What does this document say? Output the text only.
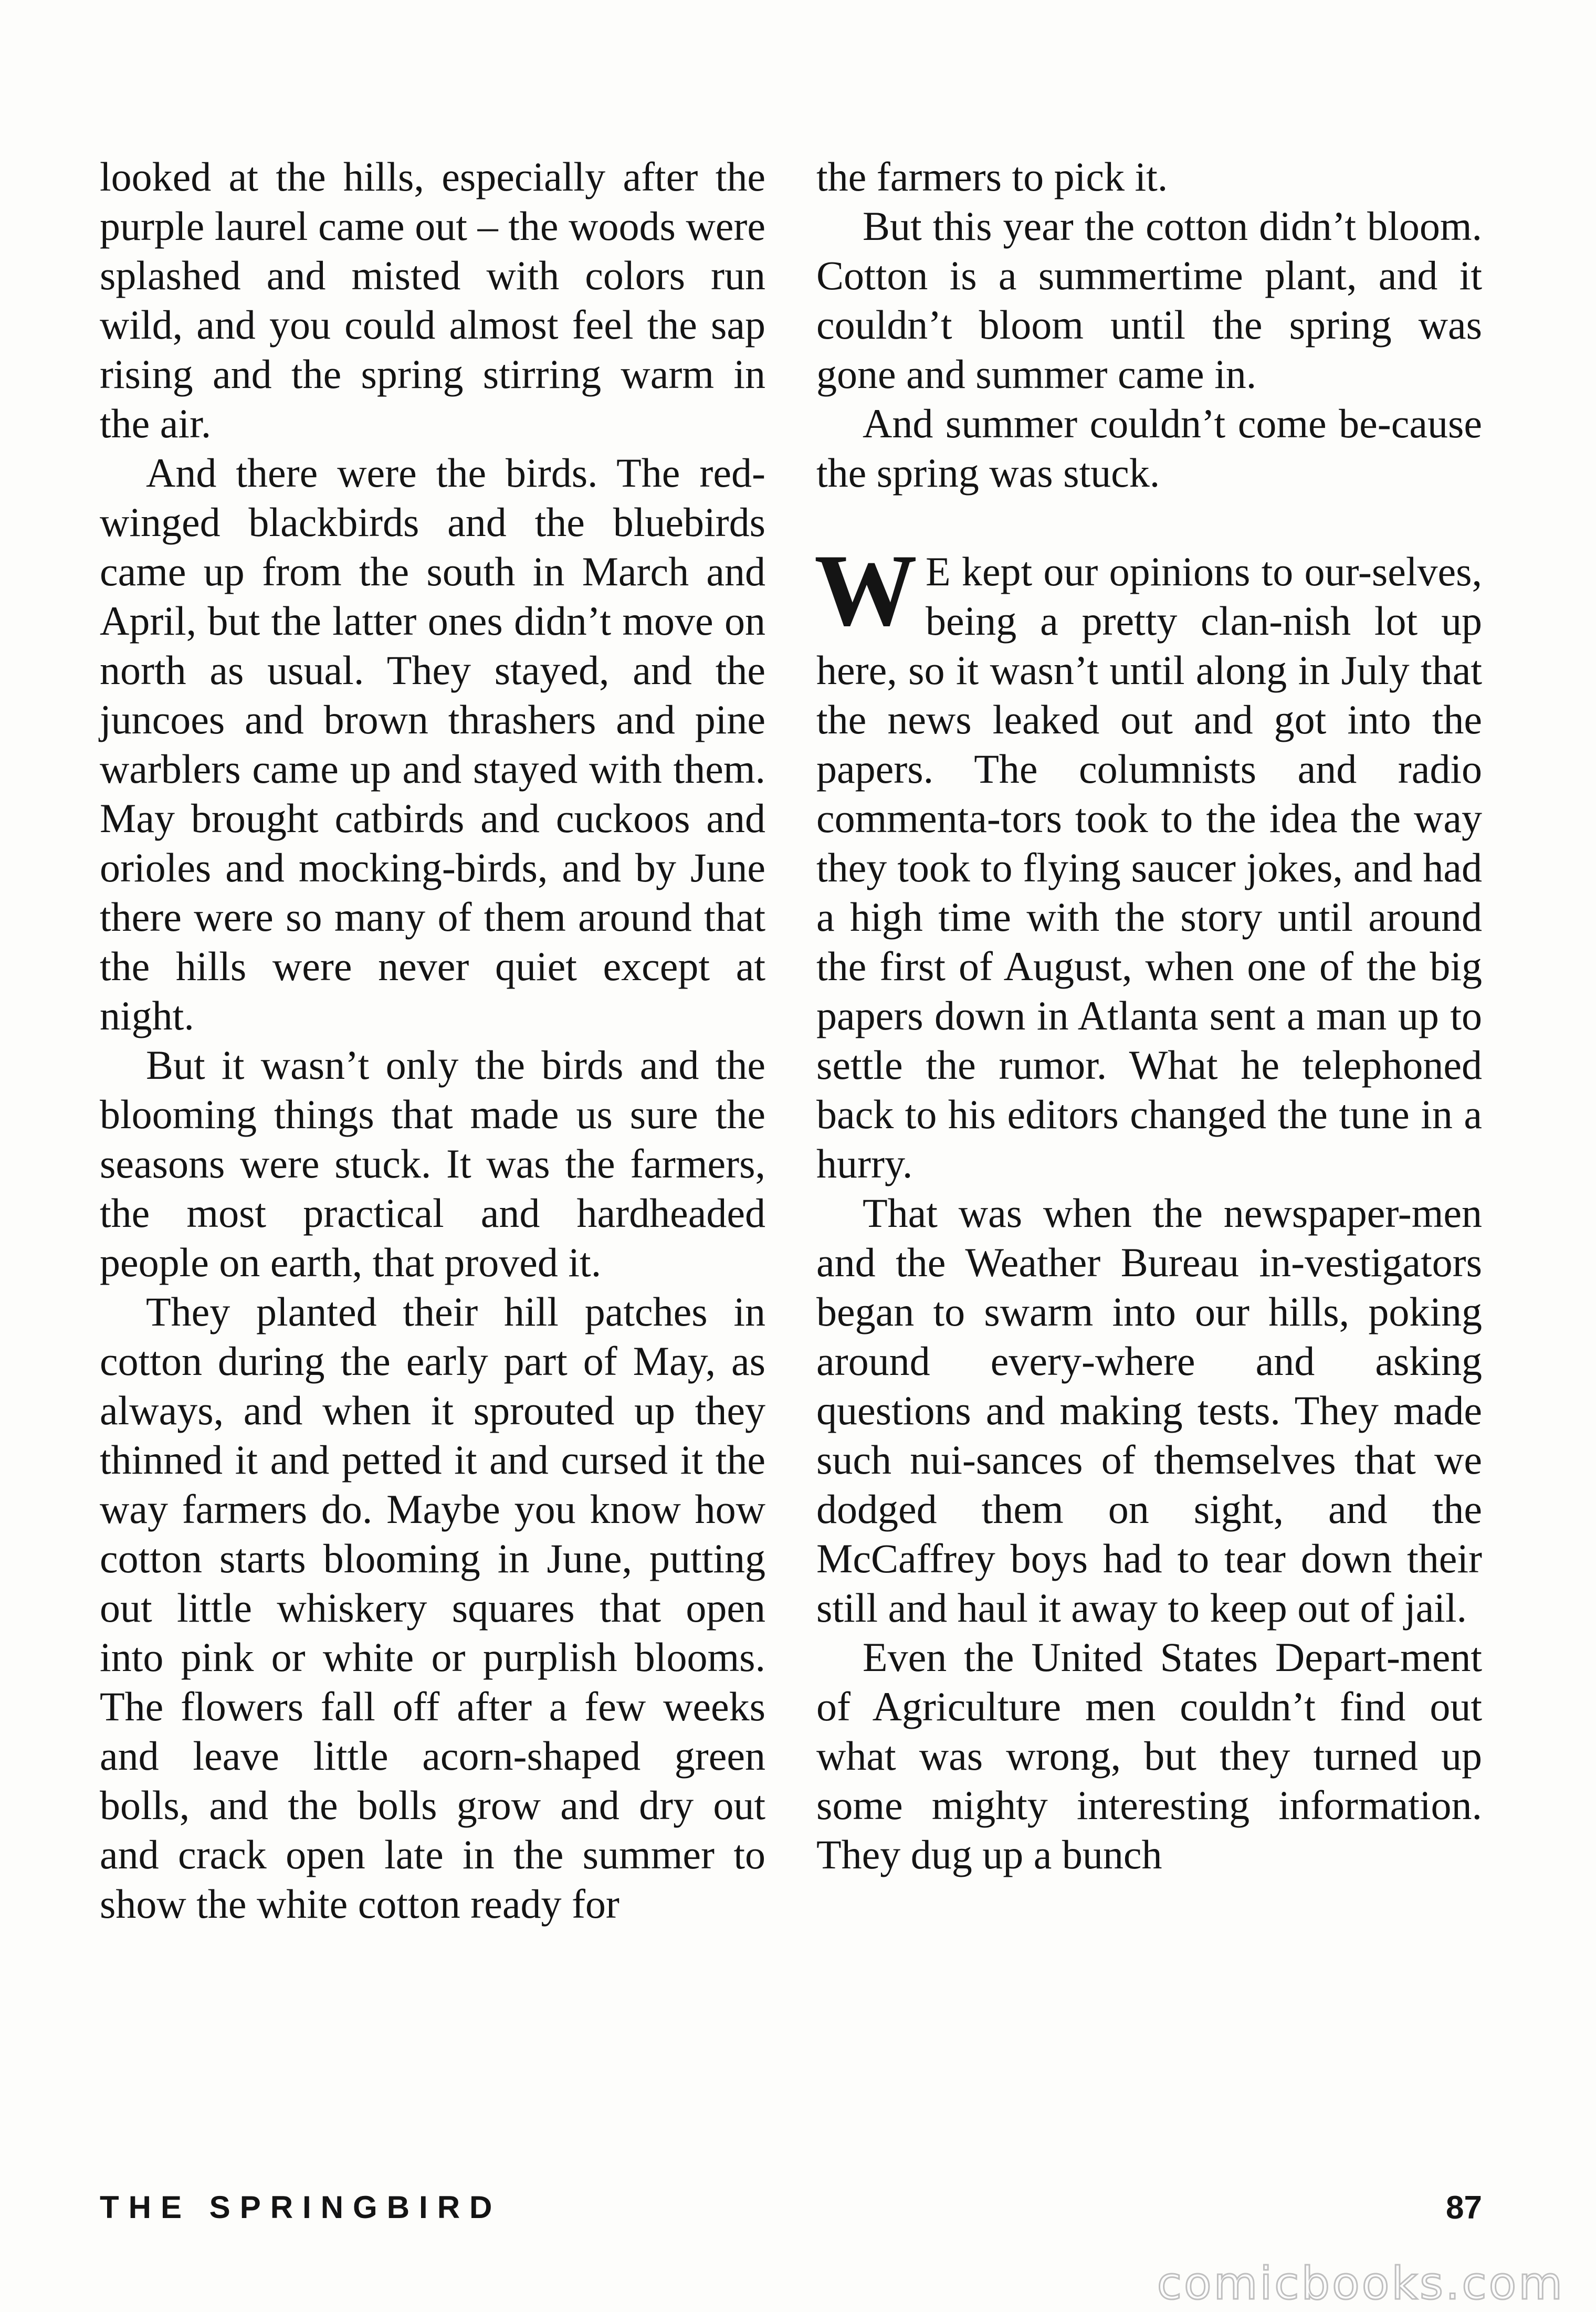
looked at the hills, especially after the purple laurel came out – the woods were splashed and misted with colors run wild, and you could almost feel the sap rising and the spring stirring warm in the air.

And there were the birds. The red-winged blackbirds and the bluebirds came up from the south in March and April, but the latter ones didn’t move on north as usual. They stayed, and the juncoes and brown thrashers and pine warblers came up and stayed with them. May brought catbirds and cuckoos and orioles and mocking-birds, and by June there were so many of them around that the hills were never quiet except at night.

But it wasn’t only the birds and the blooming things that made us sure the seasons were stuck. It was the farmers, the most practical and hardheaded people on earth, that proved it.

They planted their hill patches in cotton during the early part of May, as always, and when it sprouted up they thinned it and petted it and cursed it the way farmers do. Maybe you know how cotton starts blooming in June, putting out little whiskery squares that open into pink or white or purplish blooms. The flowers fall off after a few weeks and leave little acorn-shaped green bolls, and the bolls grow and dry out and crack open late in the summer to show the white cotton ready for

the farmers to pick it.

But this year the cotton didn’t bloom. Cotton is a summertime plant, and it couldn’t bloom until the spring was gone and summer came in.

And summer couldn’t come be-cause the spring was stuck.

W E kept our opinions to our-selves, being a pretty clan-nish lot up here, so it wasn’t until along in July that the news leaked out and got into the papers. The columnists and radio commenta-tors took to the idea the way they took to flying saucer jokes, and had a high time with the story until around the first of August, when one of the big papers down in Atlanta sent a man up to settle the rumor. What he telephoned back to his editors changed the tune in a hurry.

That was when the newspaper-men and the Weather Bureau in-vestigators began to swarm into our hills, poking around every-where and asking questions and making tests. They made such nui-sances of themselves that we dodged them on sight, and the McCaffrey boys had to tear down their still and haul it away to keep out of jail.

Even the United States Depart-ment of Agriculture men couldn’t find out what was wrong, but they turned up some mighty interesting information. They dug up a bunch

THE SPRINGBIRD	87
comicbooks.com
